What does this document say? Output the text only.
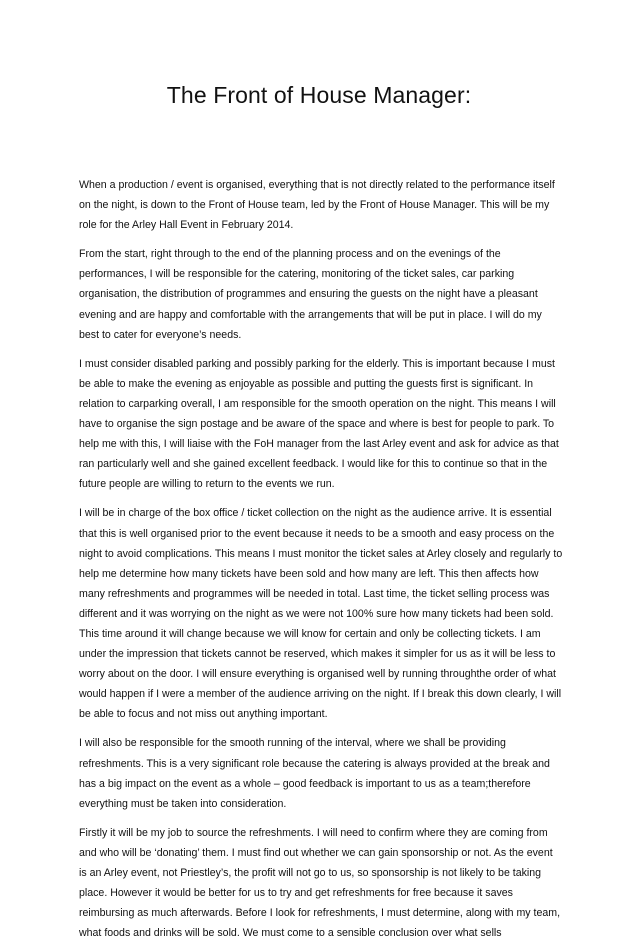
The Front of House Manager:

When a production / event is organised, everything that is not directly related to the performance itself on the night, is down to the Front of House team, led by the Front of House Manager. This will be my role for the Arley Hall Event in February 2014.

From the start, right through to the end of the planning process and on the evenings of the performances, I will be responsible for the catering, monitoring of the ticket sales, car parking organisation, the distribution of programmes and ensuring the guests on the night have a pleasant evening and are happy and comfortable with the arrangements that will be put in place. I will do my best to cater for everyone’s needs.

I must consider disabled parking and possibly parking for the elderly. This is important because I must be able to make the evening as enjoyable as possible and putting the guests first is significant. In relation to carparking overall, I am responsible for the smooth operation on the night. This means I will have to organise the sign postage and be aware of the space and where is best for people to park. To help me with this, I will liaise with the FoH manager from the last Arley event and ask for advice as that ran particularly well and she gained excellent feedback. I would like for this to continue so that in the future people are willing to return to the events we run.

I will be in charge of the box office / ticket collection on the night as the audience arrive. It is essential that this is well organised prior to the event because it needs to be a smooth and easy process on the night to avoid complications. This means I must monitor the ticket sales at Arley closely and regularly to help me determine how many tickets have been sold and how many are left. This then affects how many refreshments and programmes will be needed in total. Last time, the ticket selling process was different and it was worrying on the night as we were not 100% sure how many tickets had been sold. This time around it will change because we will know for certain and only be collecting tickets. I am under the impression that tickets cannot be reserved, which makes it simpler for us as it will be less to worry about on the door. I will ensure everything is organised well by running throughthe order of what would happen if I were a member of the audience arriving on the night. If I break this down clearly, I will be able to focus and not miss out anything important.

I will also be responsible for the smooth running of the interval, where we shall be providing refreshments. This is a very significant role because the catering is always provided at the break and has a big impact on the event as a whole – good feedback is important to us as a team;therefore everything must be taken into consideration.

Firstly it will be my job to source the refreshments. I will need to confirm where they are coming from and who will be ‘donating’ them. I must find out whether we can gain sponsorship or not. As the event is an Arley event, not Priestley’s, the profit will not go to us, so sponsorship is not likely to be taking place. However it would be better for us to try and get refreshments for free because it saves reimbursing as much afterwards. Before I look for refreshments, I must determine, along with my team, what foods and drinks will be sold. We must come to a sensible conclusion over what sells
